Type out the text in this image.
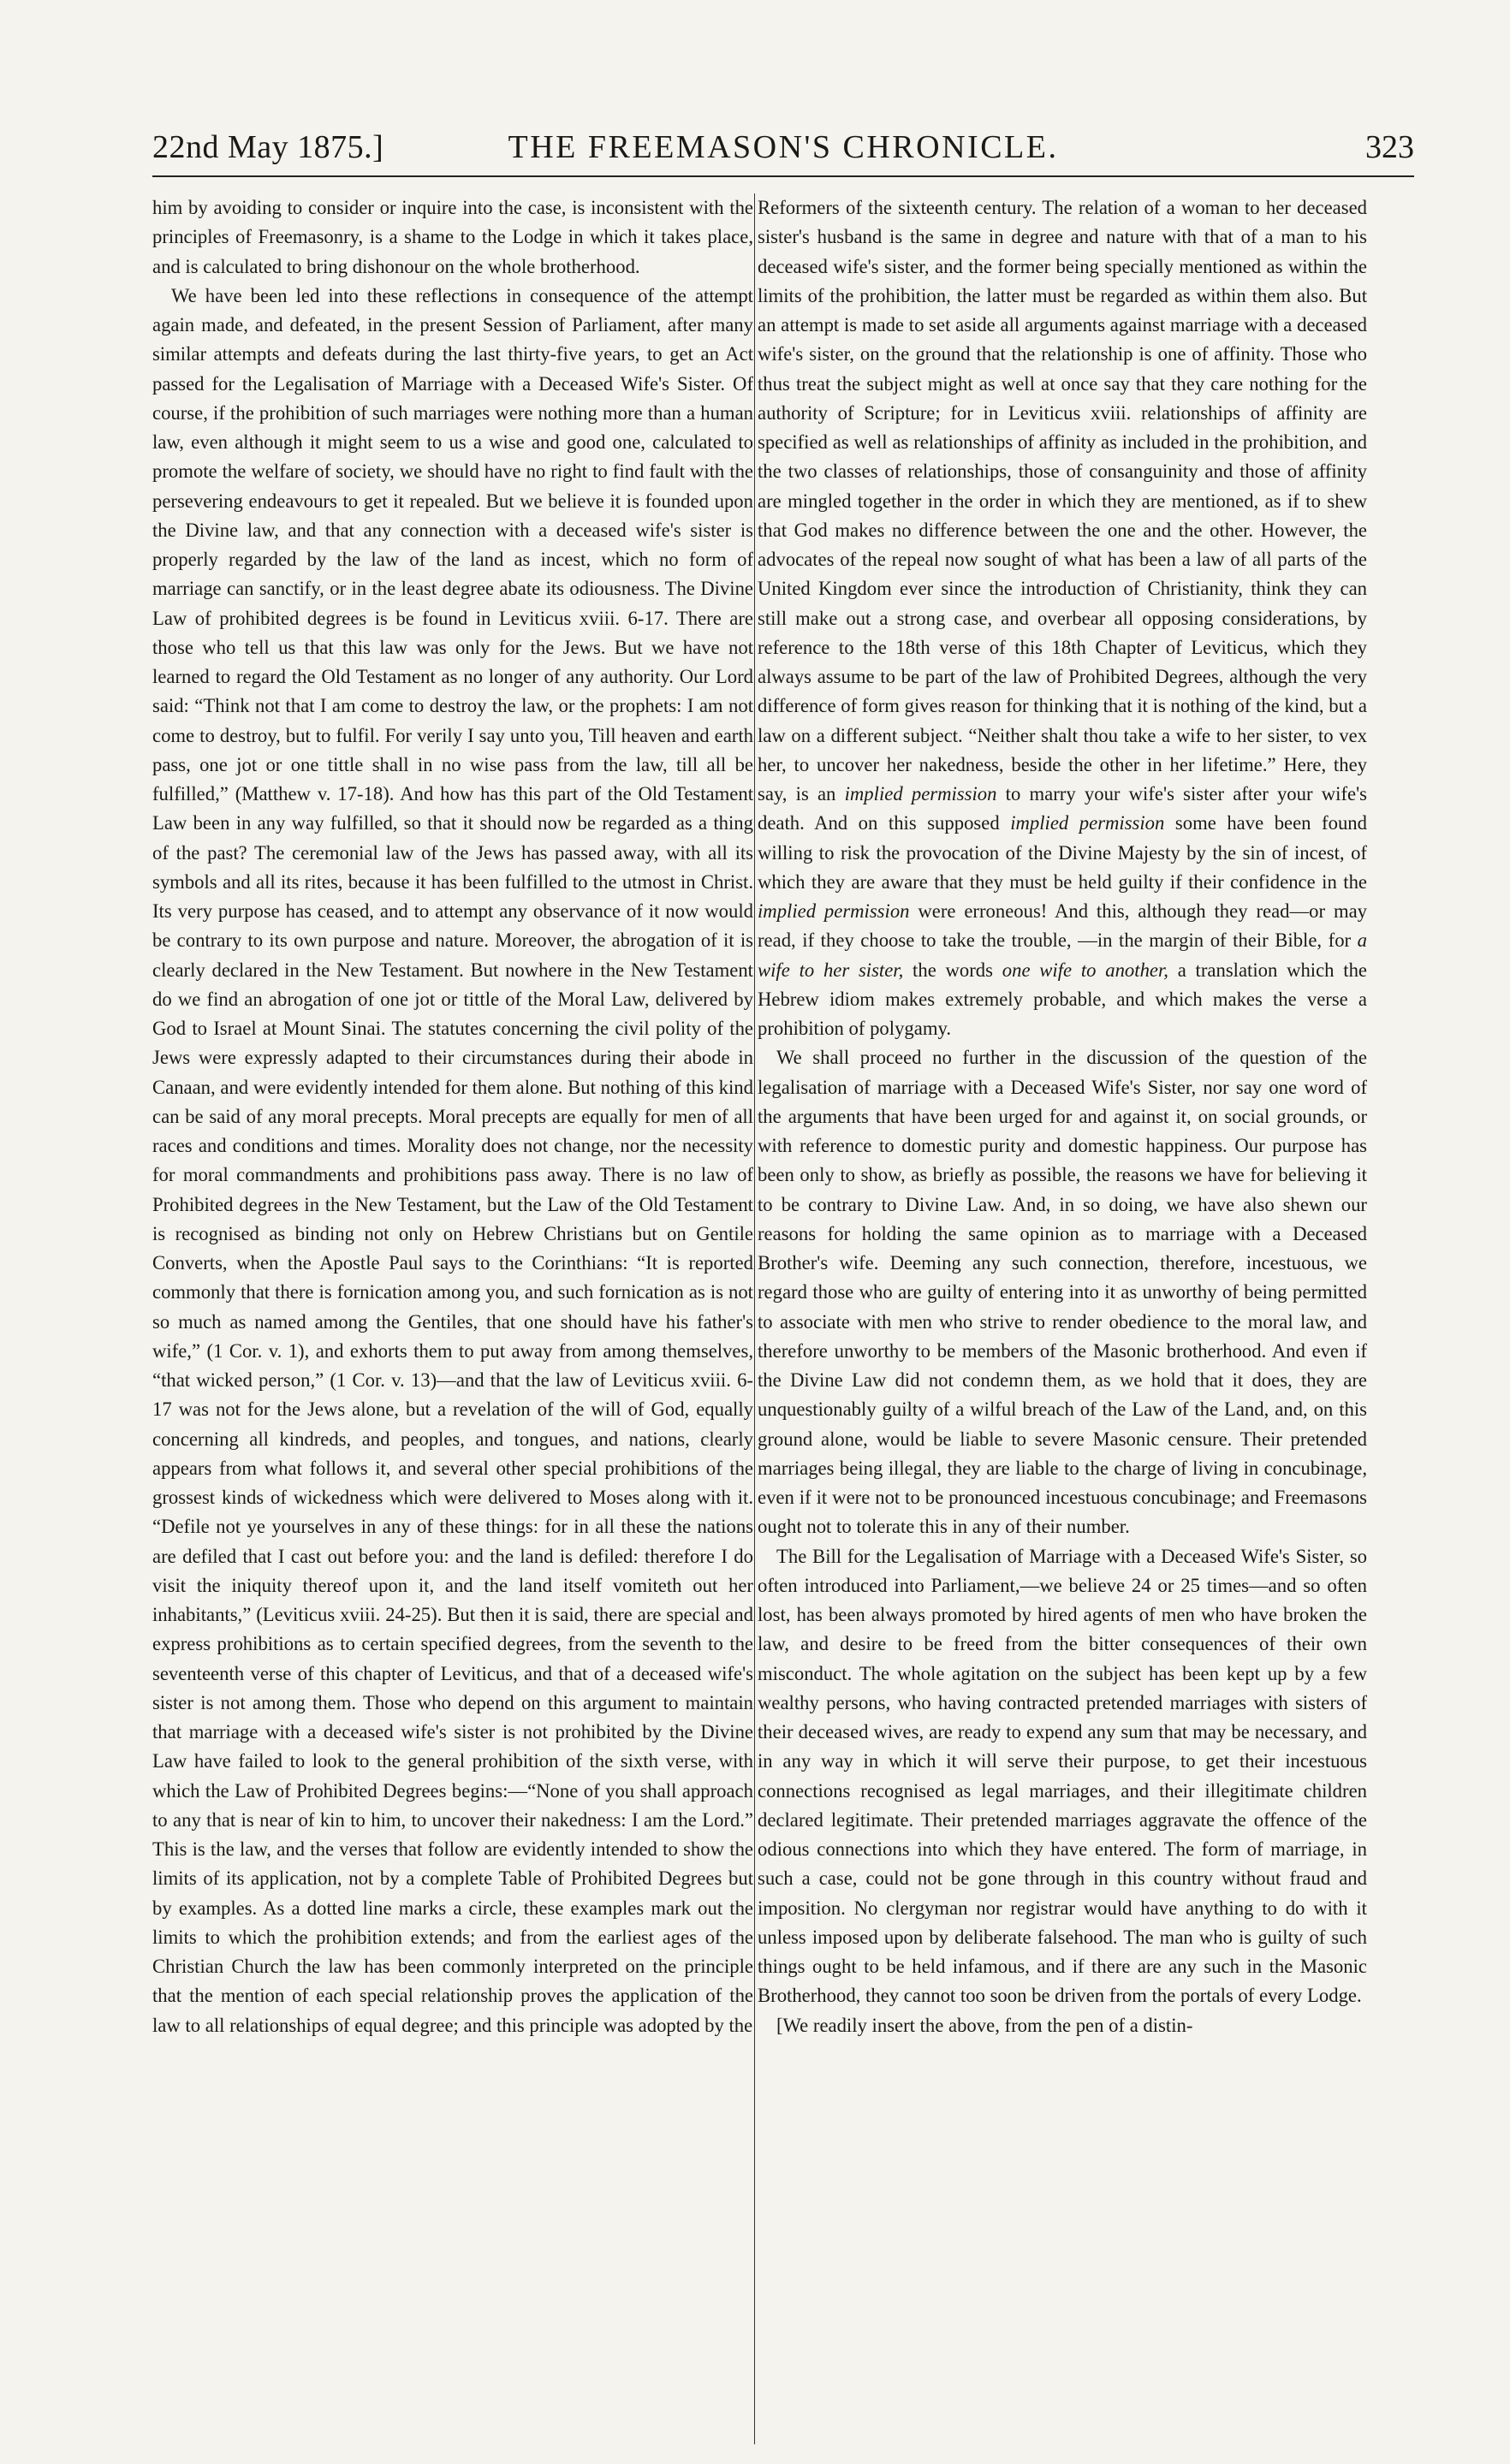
22nd May 1875.]	THE FREEMASON'S CHRONICLE.	323

him by avoiding to consider or inquire into the case, is inconsistent with the principles of Freemasonry, is a shame to the Lodge in which it takes place, and is calculated to bring dishonour on the whole brotherhood.

We have been led into these reflections in consequence of the attempt again made, and defeated, in the present Session of Parliament, after many similar attempts and defeats during the last thirty-five years, to get an Act passed for the Legalisation of Marriage with a Deceased Wife's Sister. Of course, if the prohibition of such marriages were nothing more than a human law, even although it might seem to us a wise and good one, calculated to promote the welfare of society, we should have no right to find fault with the persevering endeavours to get it repealed. But we believe it is founded upon the Divine law, and that any connection with a deceased wife's sister is properly regarded by the law of the land as incest, which no form of marriage can sanctify, or in the least degree abate its odiousness. The Divine Law of prohibited degrees is be found in Leviticus xviii. 6-17. There are those who tell us that this law was only for the Jews. But we have not learned to regard the Old Testament as no longer of any authority. Our Lord said: “Think not that I am come to destroy the law, or the prophets: I am not come to destroy, but to fulfil. For verily I say unto you, Till heaven and earth pass, one jot or one tittle shall in no wise pass from the law, till all be fulfilled,” (Matthew v. 17-18). And how has this part of the Old Testament Law been in any way fulfilled, so that it should now be regarded as a thing of the past? The ceremonial law of the Jews has passed away, with all its symbols and all its rites, because it has been fulfilled to the utmost in Christ. Its very purpose has ceased, and to attempt any observance of it now would be contrary to its own purpose and nature. Moreover, the abrogation of it is clearly declared in the New Testament. But nowhere in the New Testament do we find an abrogation of one jot or tittle of the Moral Law, delivered by God to Israel at Mount Sinai. The statutes concerning the civil polity of the Jews were expressly adapted to their circumstances during their abode in Canaan, and were evidently intended for them alone. But nothing of this kind can be said of any moral precepts. Moral precepts are equally for men of all races and conditions and times. Morality does not change, nor the necessity for moral commandments and prohibitions pass away. There is no law of Prohibited degrees in the New Testament, but the Law of the Old Testament is recognised as binding not only on Hebrew Christians but on Gentile Converts, when the Apostle Paul says to the Corinthians: “It is reported commonly that there is fornication among you, and such fornication as is not so much as named among the Gentiles, that one should have his father's wife,” (1 Cor. v. 1), and exhorts them to put away from among themselves, “that wicked person,” (1 Cor. v. 13)—and that the law of Leviticus xviii. 6-17 was not for the Jews alone, but a revelation of the will of God, equally concerning all kindreds, and peoples, and tongues, and nations, clearly appears from what follows it, and several other special prohibitions of the grossest kinds of wickedness which were delivered to Moses along with it. “Defile not ye yourselves in any of these things: for in all these the nations are defiled that I cast out before you: and the land is defiled: therefore I do visit the iniquity thereof upon it, and the land itself vomiteth out her inhabitants,” (Leviticus xviii. 24-25). But then it is said, there are special and express prohibitions as to certain specified degrees, from the seventh to the seventeenth verse of this chapter of Leviticus, and that of a deceased wife's sister is not among them. Those who depend on this argument to maintain that marriage with a deceased wife's sister is not prohibited by the Divine Law have failed to look to the general prohibition of the sixth verse, with which the Law of Prohibited Degrees begins:—“None of you shall approach to any that is near of kin to him, to uncover their nakedness: I am the Lord.” This is the law, and the verses that follow are evidently intended to show the limits of its application, not by a complete Table of Prohibited Degrees but by examples. As a dotted line marks a circle, these examples mark out the limits to which the prohibition extends; and from the earliest ages of the Christian Church the law has been commonly interpreted on the principle that the mention of each special relationship proves the application of the law to all relationships of equal degree; and this principle was adopted by the

Reformers of the sixteenth century. The relation of a woman to her deceased sister's husband is the same in degree and nature with that of a man to his deceased wife's sister, and the former being specially mentioned as within the limits of the prohibition, the latter must be regarded as within them also. But an attempt is made to set aside all arguments against marriage with a deceased wife's sister, on the ground that the relationship is one of affinity. Those who thus treat the subject might as well at once say that they care nothing for the authority of Scripture; for in Leviticus xviii. relationships of affinity are specified as well as relationships of affinity as included in the prohibition, and the two classes of relationships, those of consanguinity and those of affinity are mingled together in the order in which they are mentioned, as if to shew that God makes no difference between the one and the other. However, the advocates of the repeal now sought of what has been a law of all parts of the United Kingdom ever since the introduction of Christianity, think they can still make out a strong case, and overbear all opposing considerations, by reference to the 18th verse of this 18th Chapter of Leviticus, which they always assume to be part of the law of Prohibited Degrees, although the very difference of form gives reason for thinking that it is nothing of the kind, but a law on a different subject. “Neither shalt thou take a wife to her sister, to vex her, to uncover her nakedness, beside the other in her lifetime.” Here, they say, is an implied permission to marry your wife's sister after your wife's death. And on this supposed implied permission some have been found willing to risk the provocation of the Divine Majesty by the sin of incest, of which they are aware that they must be held guilty if their confidence in the implied permission were erroneous! And this, although they read—or may read, if they choose to take the trouble, —in the margin of their Bible, for a wife to her sister, the words one wife to another, a translation which the Hebrew idiom makes extremely probable, and which makes the verse a prohibition of polygamy.

We shall proceed no further in the discussion of the question of the legalisation of marriage with a Deceased Wife's Sister, nor say one word of the arguments that have been urged for and against it, on social grounds, or with reference to domestic purity and domestic happiness. Our purpose has been only to show, as briefly as possible, the reasons we have for believing it to be contrary to Divine Law. And, in so doing, we have also shewn our reasons for holding the same opinion as to marriage with a Deceased Brother's wife. Deeming any such connection, therefore, incestuous, we regard those who are guilty of entering into it as unworthy of being permitted to associate with men who strive to render obedience to the moral law, and therefore unworthy to be members of the Masonic brotherhood. And even if the Divine Law did not condemn them, as we hold that it does, they are unquestionably guilty of a wilful breach of the Law of the Land, and, on this ground alone, would be liable to severe Masonic censure. Their pretended marriages being illegal, they are liable to the charge of living in concubinage, even if it were not to be pronounced incestuous concubinage; and Freemasons ought not to tolerate this in any of their number.

The Bill for the Legalisation of Marriage with a Deceased Wife's Sister, so often introduced into Parliament,—we believe 24 or 25 times—and so often lost, has been always promoted by hired agents of men who have broken the law, and desire to be freed from the bitter consequences of their own misconduct. The whole agitation on the subject has been kept up by a few wealthy persons, who having contracted pretended marriages with sisters of their deceased wives, are ready to expend any sum that may be necessary, and in any way in which it will serve their purpose, to get their incestuous connections recognised as legal marriages, and their illegitimate children declared legitimate. Their pretended marriages aggravate the offence of the odious connections into which they have entered. The form of marriage, in such a case, could not be gone through in this country without fraud and imposition. No clergyman nor registrar would have anything to do with it unless imposed upon by deliberate falsehood. The man who is guilty of such things ought to be held infamous, and if there are any such in the Masonic Brotherhood, they cannot too soon be driven from the portals of every Lodge.

[We readily insert the above, from the pen of a distin-
